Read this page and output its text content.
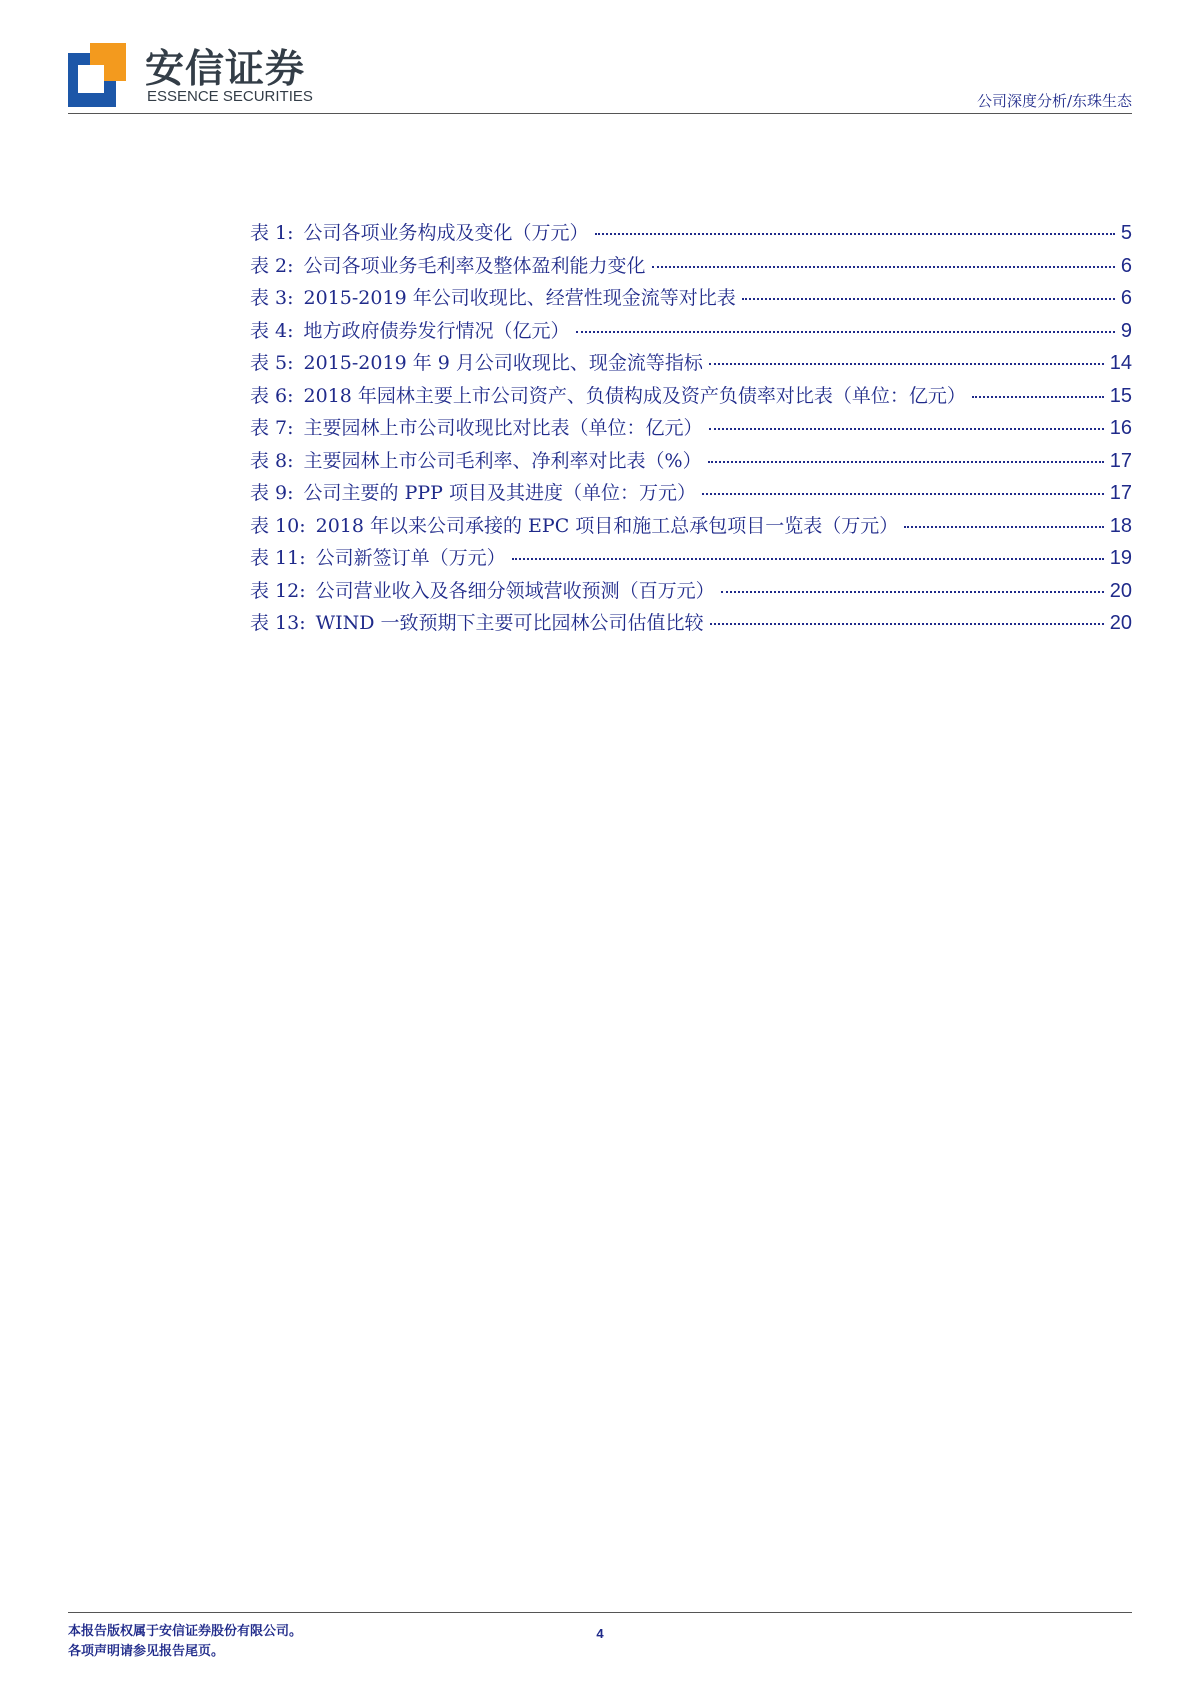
安信证券
ESSENCE SECURITIES	公司深度分析/东珠生态
表 1: 公司各项业务构成及变化（万元）	5
表 2: 公司各项业务毛利率及整体盈利能力变化	6
表 3: 2015-2019 年公司收现比、经营性现金流等对比表	6
表 4: 地方政府债券发行情况（亿元）	9
表 5: 2015-2019 年 9 月公司收现比、现金流等指标	14
表 6: 2018 年园林主要上市公司资产、负债构成及资产负债率对比表（单位：亿元）	15
表 7: 主要园林上市公司收现比对比表（单位：亿元）	16
表 8: 主要园林上市公司毛利率、净利率对比表（%）	17
表 9: 公司主要的 PPP 项目及其进度（单位：万元）	17
表 10: 2018 年以来公司承接的 EPC 项目和施工总承包项目一览表（万元）	18
表 11: 公司新签订单（万元）	19
表 12: 公司营业收入及各细分领域营收预测（百万元）	20
表 13: WIND 一致预期下主要可比园林公司估值比较	20
本报告版权属于安信证券股份有限公司。
各项声明请参见报告尾页。
4
